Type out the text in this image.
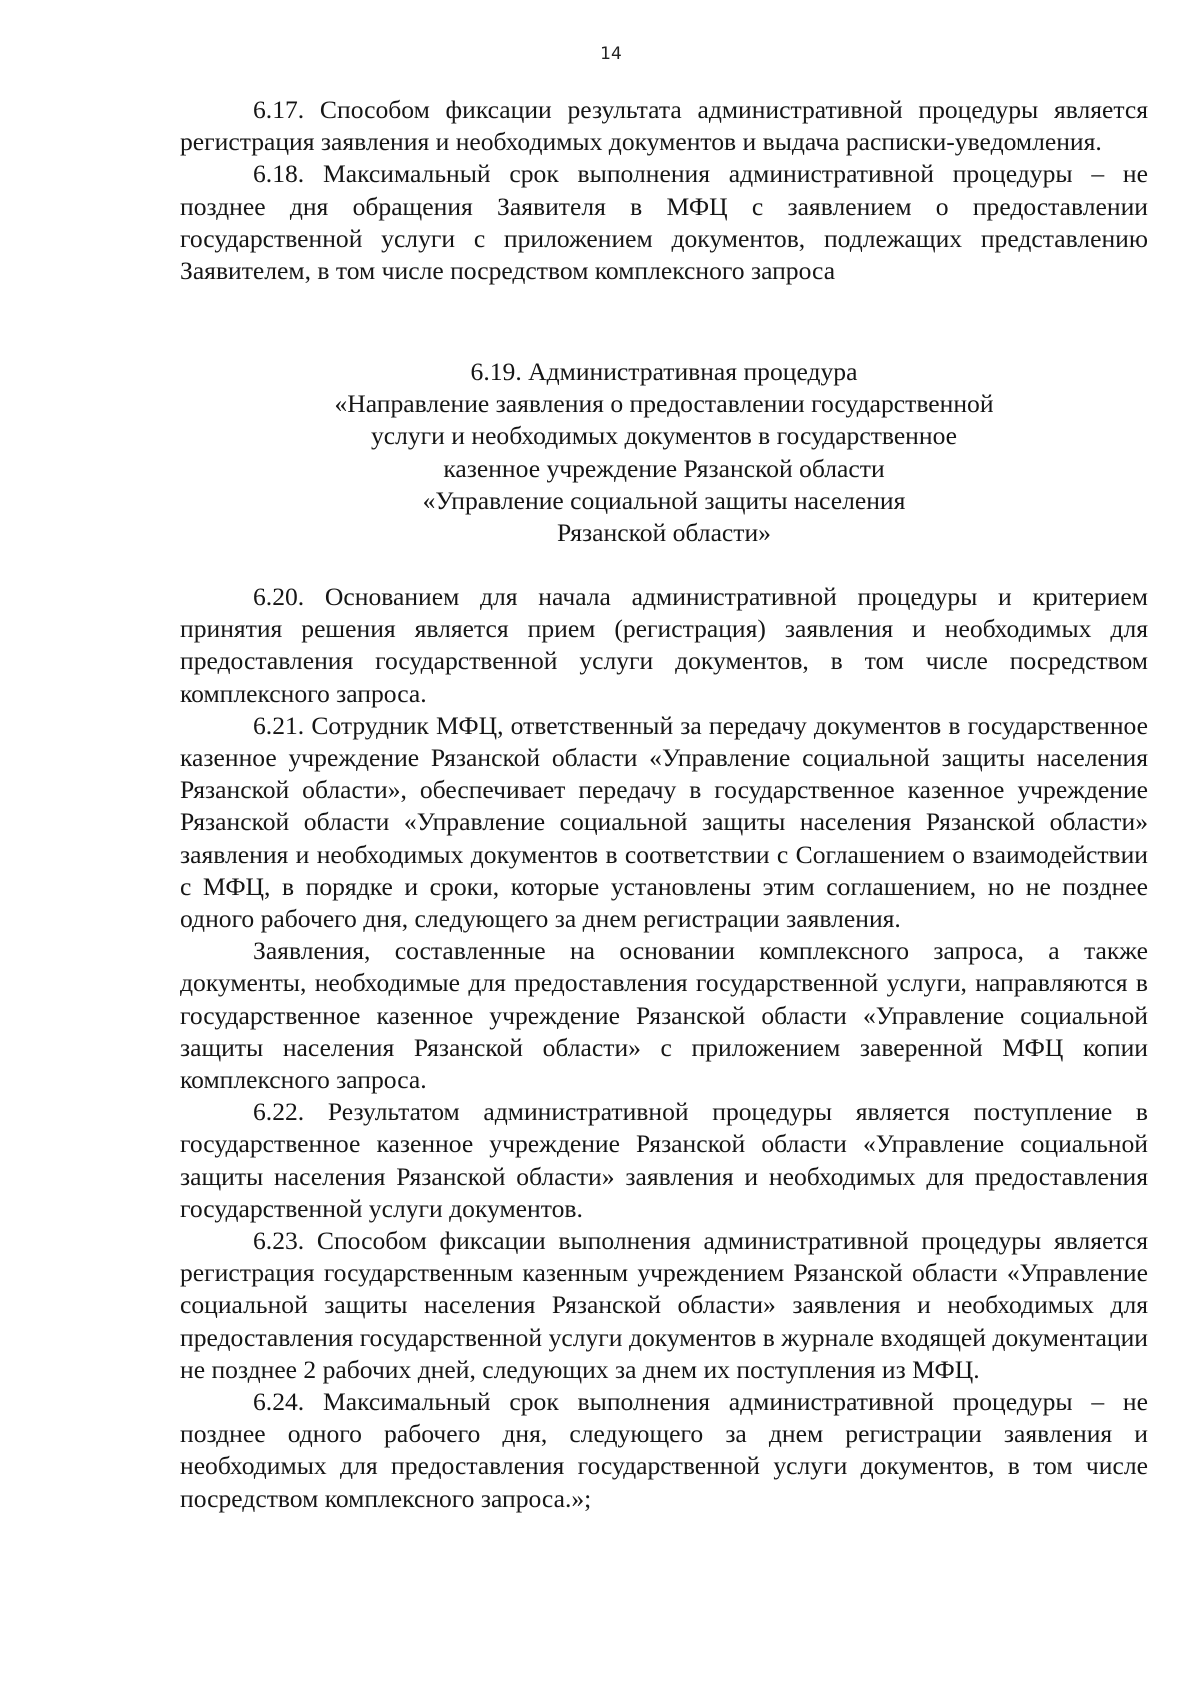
14

6.17. Способом фиксации результата административной процедуры является регистрация заявления и необходимых документов и выдача расписки-уведомления.

6.18. Максимальный срок выполнения административной процедуры – не позднее дня обращения Заявителя в МФЦ с заявлением о предоставлении государственной услуги с приложением документов, подлежащих представлению Заявителем, в том числе посредством комплексного запроса

6.19. Административная процедура
«Направление заявления о предоставлении государственной
услуги и необходимых документов в государственное
казенное учреждение Рязанской области
«Управление социальной защиты населения
Рязанской области»

6.20. Основанием для начала административной процедуры и критерием принятия решения является прием (регистрация) заявления и необходимых для предоставления государственной услуги документов, в том числе посредством комплексного запроса.

6.21. Сотрудник МФЦ, ответственный за передачу документов в государственное казенное учреждение Рязанской области «Управление социальной защиты населения Рязанской области», обеспечивает передачу в государственное казенное учреждение Рязанской области «Управление социальной защиты населения Рязанской области» заявления и необходимых документов в соответствии с Соглашением о взаимодействии с МФЦ, в порядке и сроки, которые установлены этим соглашением, но не позднее одного рабочего дня, следующего за днем регистрации заявления.

Заявления, составленные на основании комплексного запроса, а также документы, необходимые для предоставления государственной услуги, направляются в государственное казенное учреждение Рязанской области «Управление социальной защиты населения Рязанской области» с приложением заверенной МФЦ копии комплексного запроса.

6.22. Результатом административной процедуры является поступление в государственное казенное учреждение Рязанской области «Управление социальной защиты населения Рязанской области» заявления и необходимых для предоставления государственной услуги документов.

6.23. Способом фиксации выполнения административной процедуры является регистрация государственным казенным учреждением Рязанской области «Управление социальной защиты населения Рязанской области» заявления и необходимых для предоставления государственной услуги документов в журнале входящей документации не позднее 2 рабочих дней, следующих за днем их поступления из МФЦ.

6.24. Максимальный срок выполнения административной процедуры – не позднее одного рабочего дня, следующего за днем регистрации заявления и необходимых для предоставления государственной услуги документов, в том числе посредством комплексного запроса.»;
